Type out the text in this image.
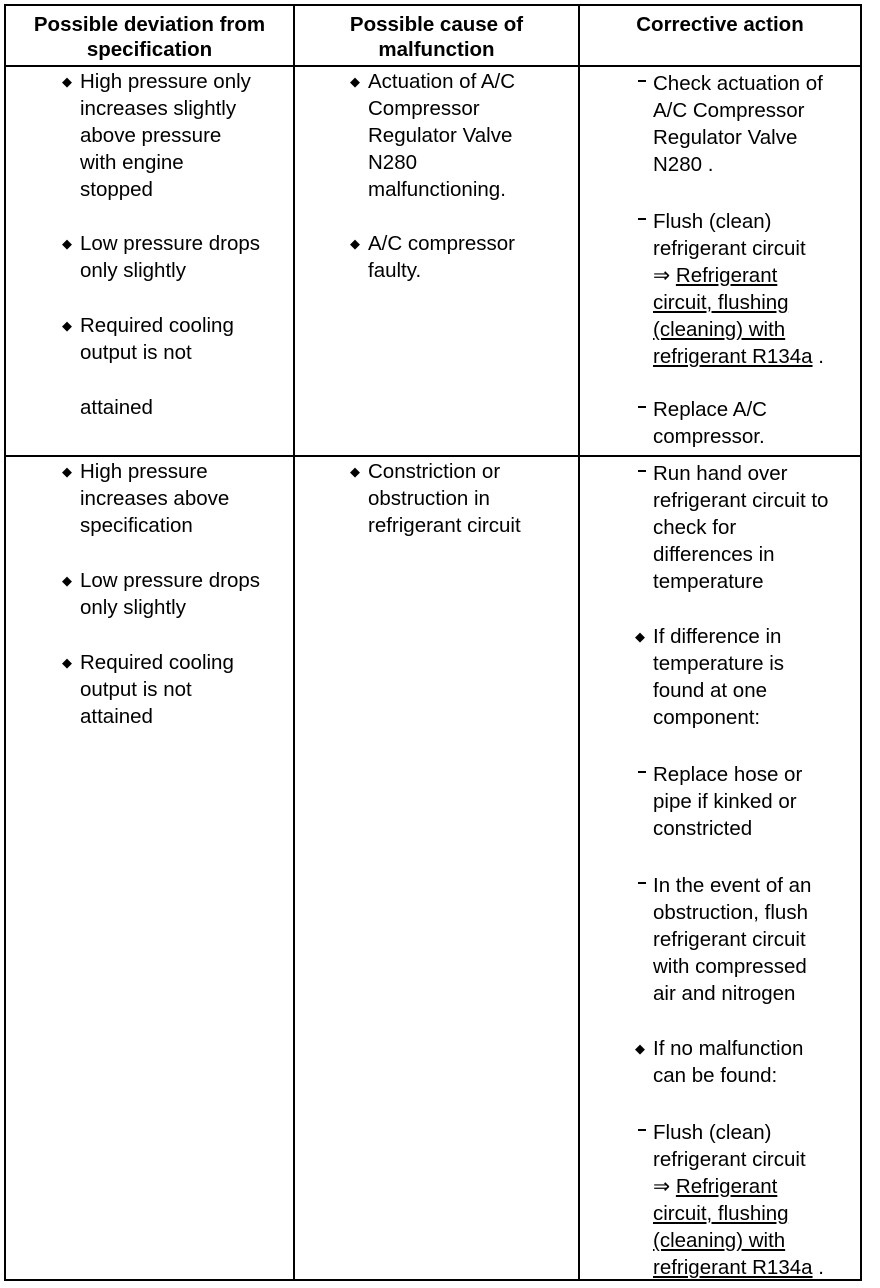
Possible deviation from
specification
Possible cause of
malfunction
Corrective action
◆ High pressure only
increases slightly
above pressure
with engine
stopped
◆ Low pressure drops
only slightly
◆ Required cooling
output is not
attained
◆ Actuation of A/C
Compressor
Regulator Valve
N280
malfunctioning.
◆ A/C compressor
faulty.
Check actuation of
A/C Compressor
Regulator Valve
N280 .
Flush (clean)
refrigerant circuit
⇒ Refrigerant
circuit, flushing
(cleaning) with
refrigerant R134a .
Replace A/C
compressor.
◆ High pressure
increases above
specification
◆ Low pressure drops
only slightly
◆ Required cooling
output is not
attained
◆ Constriction or
obstruction in
refrigerant circuit
Run hand over
refrigerant circuit to
check for
differences in
temperature
◆ If difference in
temperature is
found at one
component:
Replace hose or
pipe if kinked or
constricted
In the event of an
obstruction, flush
refrigerant circuit
with compressed
air and nitrogen
◆ If no malfunction
can be found:
Flush (clean)
refrigerant circuit
⇒ Refrigerant
circuit, flushing
(cleaning) with
refrigerant R134a .
